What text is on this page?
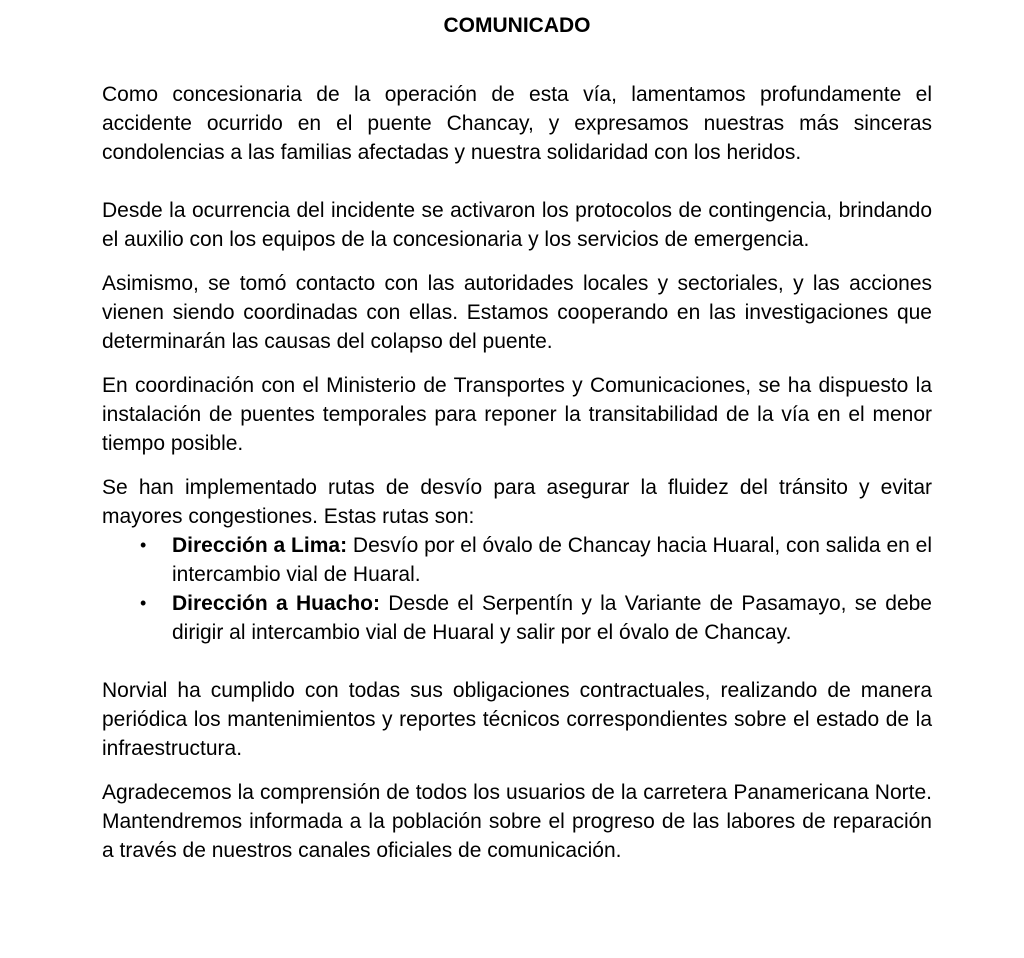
COMUNICADO

Como concesionaria de la operación de esta vía, lamentamos profundamente el accidente ocurrido en el puente Chancay, y expresamos nuestras más sinceras condolencias a las familias afectadas y nuestra solidaridad con los heridos.

Desde la ocurrencia del incidente se activaron los protocolos de contingencia, brindando el auxilio con los equipos de la concesionaria y los servicios de emergencia.

Asimismo, se tomó contacto con las autoridades locales y sectoriales, y las acciones vienen siendo coordinadas con ellas. Estamos cooperando en las investigaciones que determinarán las causas del colapso del puente.

En coordinación con el Ministerio de Transportes y Comunicaciones, se ha dispuesto la instalación de puentes temporales para reponer la transitabilidad de la vía en el menor tiempo posible.

Se han implementado rutas de desvío para asegurar la fluidez del tránsito y evitar mayores congestiones. Estas rutas son:

• Dirección a Lima: Desvío por el óvalo de Chancay hacia Huaral, con salida en el intercambio vial de Huaral.
• Dirección a Huacho: Desde el Serpentín y la Variante de Pasamayo, se debe dirigir al intercambio vial de Huaral y salir por el óvalo de Chancay.

Norvial ha cumplido con todas sus obligaciones contractuales, realizando de manera periódica los mantenimientos y reportes técnicos correspondientes sobre el estado de la infraestructura.

Agradecemos la comprensión de todos los usuarios de la carretera Panamericana Norte. Mantendremos informada a la población sobre el progreso de las labores de reparación a través de nuestros canales oficiales de comunicación.
